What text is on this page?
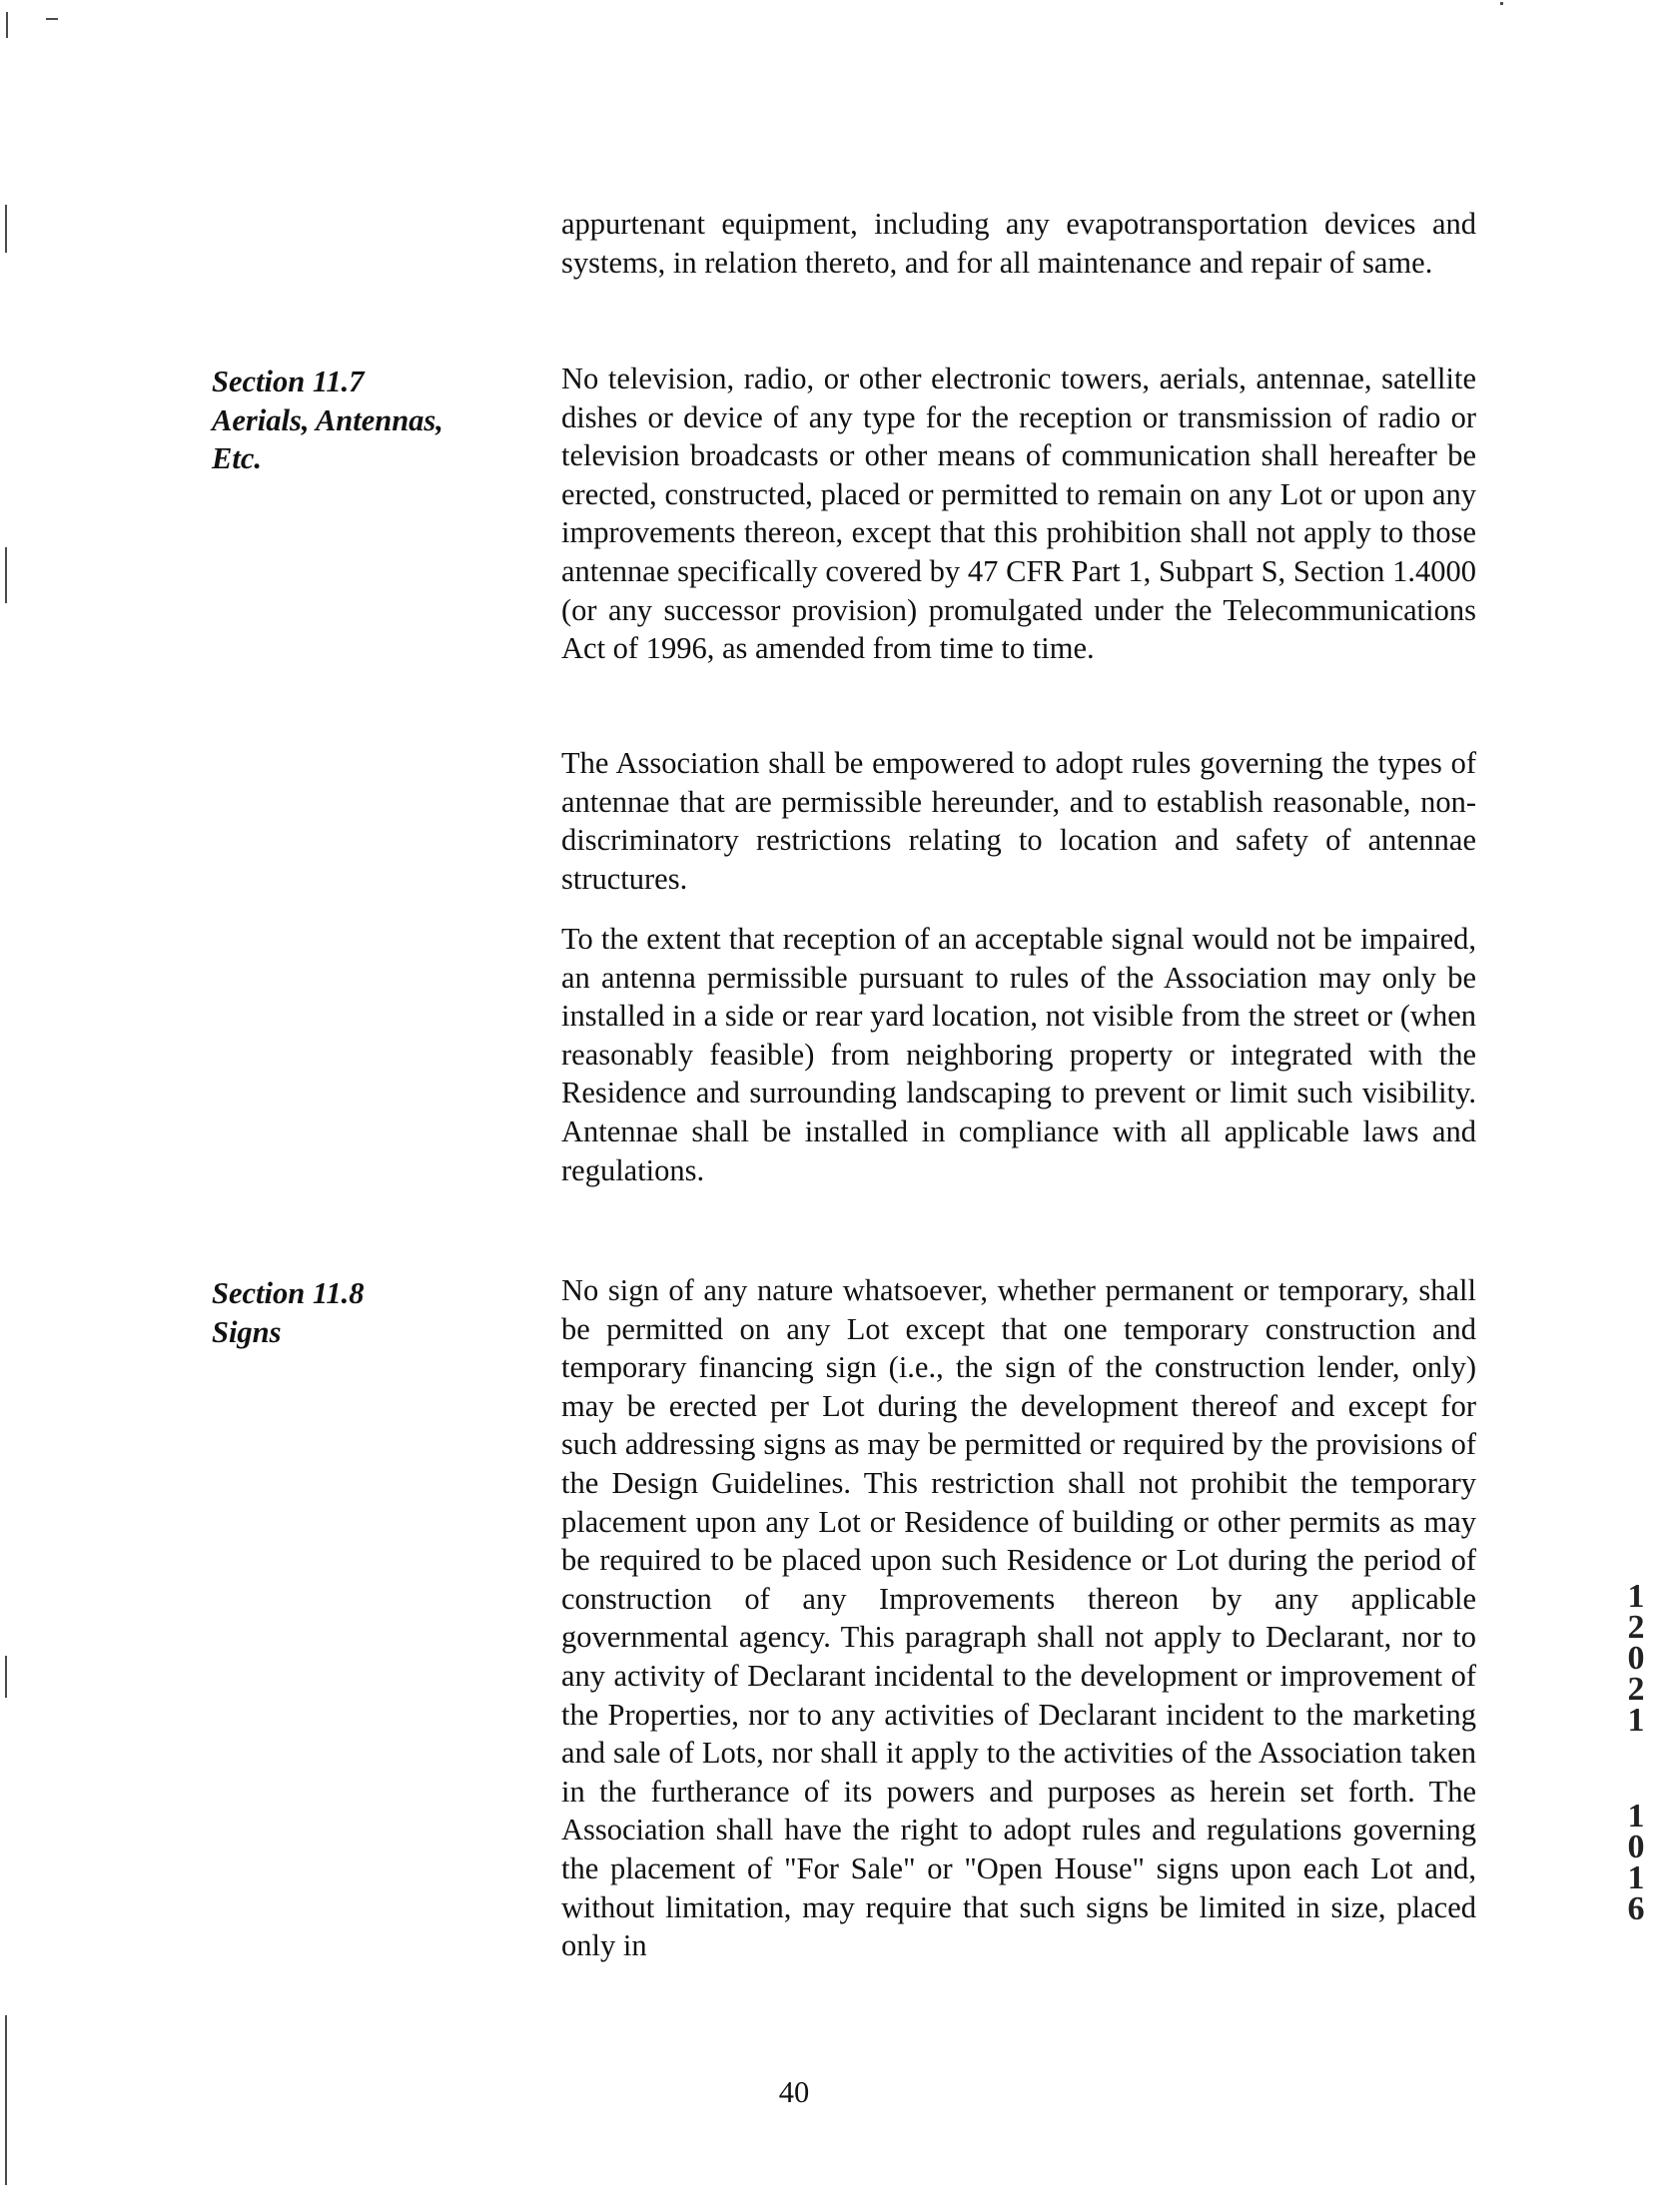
appurtenant equipment, including any evapotransportation devices and systems, in relation thereto, and for all maintenance and repair of same.

Section 11.7
Aerials, Antennas,
Etc.

No television, radio, or other electronic towers, aerials, antennae, satellite dishes or device of any type for the reception or transmission of radio or television broadcasts or other means of communication shall hereafter be erected, constructed, placed or permitted to remain on any Lot or upon any improvements thereon, except that this prohibition shall not apply to those antennae specifically covered by 47 CFR Part 1, Subpart S, Section 1.4000 (or any successor provision) promulgated under the Telecommunications Act of 1996, as amended from time to time.

The Association shall be empowered to adopt rules governing the types of antennae that are permissible hereunder, and to establish reasonable, non-discriminatory restrictions relating to location and safety of antennae structures.

To the extent that reception of an acceptable signal would not be impaired, an antenna permissible pursuant to rules of the Association may only be installed in a side or rear yard location, not visible from the street or (when reasonably feasible) from neighboring property or integrated with the Residence and surrounding landscaping to prevent or limit such visibility. Antennae shall be installed in compliance with all applicable laws and regulations.

Section 11.8
Signs

No sign of any nature whatsoever, whether permanent or temporary, shall be permitted on any Lot except that one temporary construction and temporary financing sign (i.e., the sign of the construction lender, only) may be erected per Lot during the development thereof and except for such addressing signs as may be permitted or required by the provisions of the Design Guidelines. This restriction shall not prohibit the temporary placement upon any Lot or Residence of building or other permits as may be required to be placed upon such Residence or Lot during the period of construction of any Improvements thereon by any applicable governmental agency. This paragraph shall not apply to Declarant, nor to any activity of Declarant incidental to the development or improvement of the Properties, nor to any activities of Declarant incident to the marketing and sale of Lots, nor shall it apply to the activities of the Association taken in the furtherance of its powers and purposes as herein set forth. The Association shall have the right to adopt rules and regulations governing the placement of "For Sale" or "Open House" signs upon each Lot and, without limitation, may require that such signs be limited in size, placed only in

1
2
0
2
1
1
0
1
6
40
